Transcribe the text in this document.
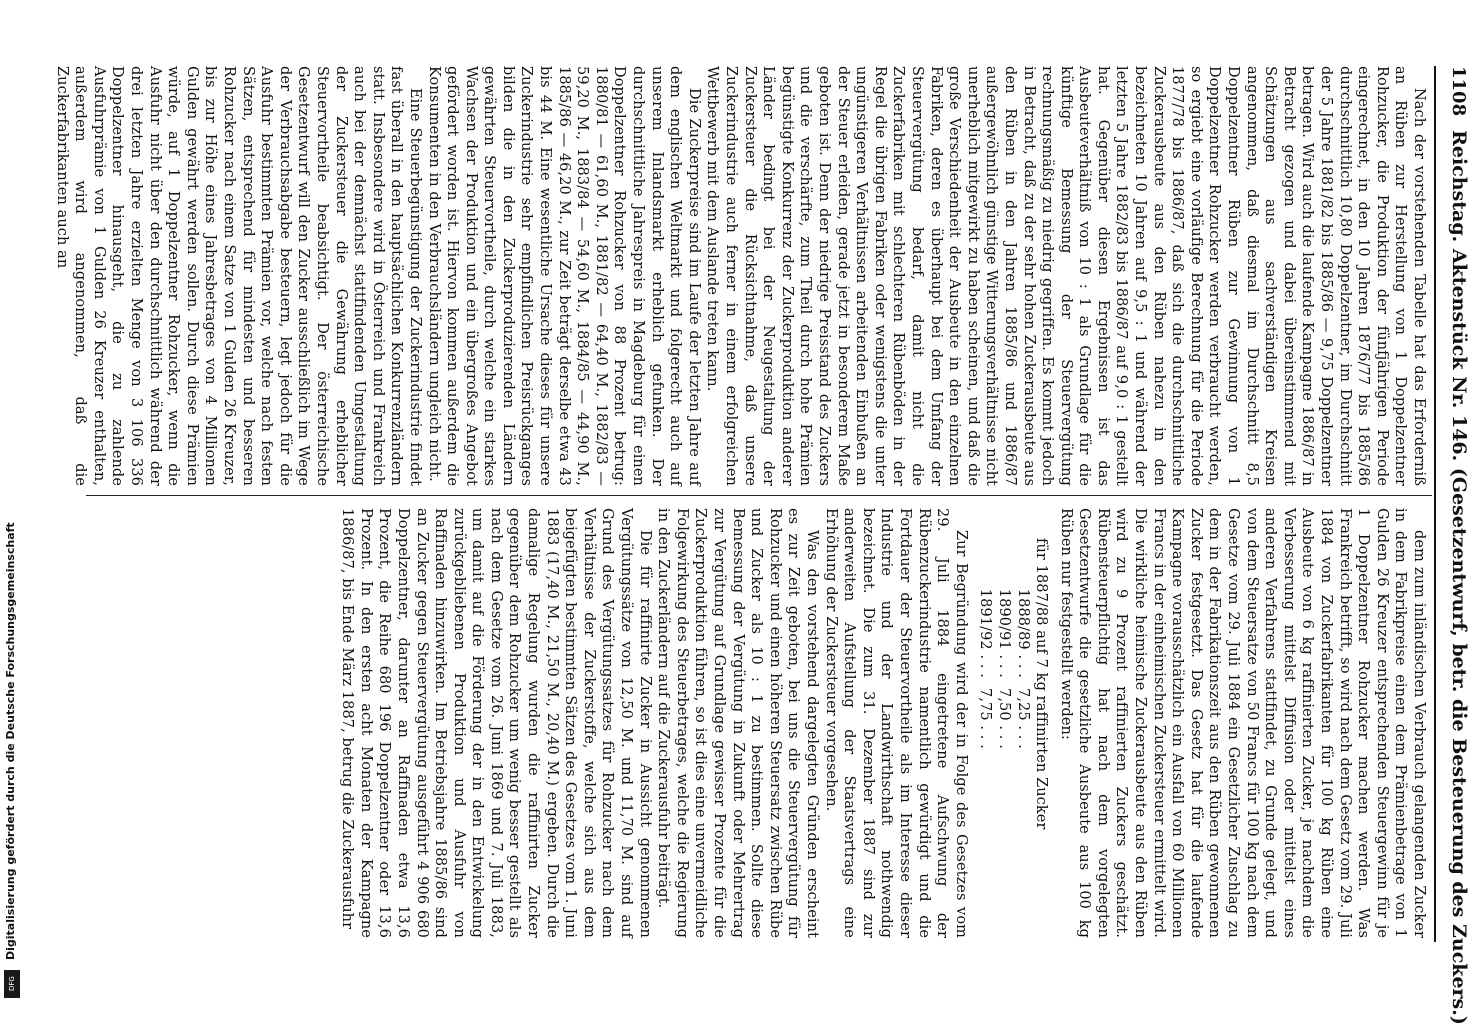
1108
Reichstag. Aktenstück Nr. 146. (Gesetzentwurf, betr. die Besteuerung des Zuckers.)

Nach der vorstehenden Tabelle hat das Erforderniß an Rüben zur Herstellung von 1 Doppelzentner Rohzucker, die Produktion der fünfjährigen Periode eingerechnet, in den 10 Jahren 1876/77 bis 1885/86 durchschnittlich 10,80 Doppelzentner, im Durchschnitt der 5 Jahre 1881/82 bis 1885/86 — 9,75 Doppelzentner betragen. Wird auch die laufende Kampagne 1886/87 in Betracht gezogen und dabei übereinstimmend mit Schätzungen aus sachverständigen Kreisen angenommen, daß diesmal im Durchschnitt 8,5 Doppelzentner Rüben zur Gewinnung von 1 Doppelzentner Rohzucker werden verbraucht werden, so ergiebt eine vorläufige Berechnung für die Periode 1877/78 bis 1886/87, daß sich die durchschnittliche Zuckerausbeute aus den Rüben nahezu in den bezeichneten 10 Jahren auf 9,5 : 1 und während der letzten 5 Jahre 1882/83 bis 1886/87 auf 9,0 : 1 gestellt hat. Gegenüber diesen Ergebnissen ist das Ausbeuteverhältniß von 10 : 1 als Grundlage für die künftige Bemessung der Steuervergütung rechnungsmäßig zu niedrig gegriffen. Es kommt jedoch in Betracht, daß zu der sehr hohen Zuckerausbeute aus den Rüben in den Jahren 1885/86 und 1886/87 außergewöhnlich günstige Witterungsverhältnisse nicht unerheblich mitgewirkt zu haben scheinen, und daß die große Verschiedenheit der Ausbeute in den einzelnen Fabriken, deren es überhaupt bei dem Umfang der Steuervergütung bedarf, damit nicht die Zuckerfabriken mit schlechteren Rübenböden in der Regel die übrigen Fabriken oder wenigstens die unter ungünstigeren Verhältnissen arbeitenden Einbußen an der Steuer erleiden, gerade jetzt in besonderem Maße geboten ist. Denn der niedrige Preisstand des Zuckers und die verschärfte, zum Theil durch hohe Prämien begünstigte Konkurrenz der Zuckerproduktion anderer Länder bedingt bei der Neugestaltung der Zuckersteuer die Rücksichtnahme, daß unsere Zuckerindustrie auch ferner in einem erfolgreichen Wettbewerb mit dem Auslande treten kann.

Die Zuckerpreise sind im Laufe der letzten Jahre auf dem englischen Weltmarkt und folgerecht auch auf unserem Inlandsmarkt erheblich gefunken. Der durchschnittliche Jahrespreis in Magdeburg für einen Doppelzentner Rohzucker von 88 Prozent betrug: 1880/81 — 61,60 M., 1881/82 — 64,40 M., 1882/83 — 59,20 M., 1883/84 — 54,60 M., 1884/85 — 44,90 M., 1885/86 — 46,20 M., zur Zeit beträgt derselbe etwa 43 bis 44 M. Eine wesentliche Ursache dieses für unsere Zuckerindustrie sehr empfindlichen Preisrückganges bilden die in den Zuckerproduzierenden Ländern gewährten Steuervortheile, durch welche ein starkes Wachsen der Produktion und ein übergroßes Angebot gefördert worden ist. Hiervon kommen außerdem die Konsumenten in den Verbrauchsländern ungleich nicht.

Eine Steuerbegünstigung der Zuckerindustrie findet fast überall in den hauptsächlichen Konkurrenzländern statt. Insbesondere wird in Österreich und Frankreich auch bei der demnächst stattfindenden Umgestaltung der Zuckersteuer die Gewährung erheblicher Steuervortheile beabsichtigt. Der österreichische Gesetzentwurf will den Zucker ausschließlich im Wege der Verbrauchsabgabe besteuern, legt jedoch für die Ausfuhr bestimmten Prämien vor, welche nach festen Sätzen, entsprechend für mindesten und besseren Rohzucker nach einem Satze von 1 Gulden 26 Kreuzer, bis zur Höhe eines Jahresbetrages von 4 Millionen Gulden gewährt werden sollen. Durch diese Prämien würde, auf 1 Doppelzentner Rohzucker, wenn die Ausfuhr nicht über den durchschnittlich während der drei letzten Jahre erzielten Menge von 3 106 336 Doppelzentner hinausgeht, die zu zahlende Ausfuhrprämie von 1 Gulden 26 Kreuzer enthalten, außerdem wird angenommen, daß die Zuckerfabrikanten auch an

dem zum inländischen Verbrauch gelangenden Zucker in dem Fabrikpreise einen dem Prämienbetrage von 1 Gulden 26 Kreuzer entsprechenden Steuergewinn für je 1 Doppelzentner Rohzucker machen werden. Was Frankreich betrifft, so wird nach dem Gesetz vom 29. Juli 1884 von Zuckerfabrikanten für 100 kg Rüben eine Ausbeute von 6 kg raffinierten Zucker, je nachdem die Verbesserung mittelst Diffusion oder mittelst eines anderen Verfahrens stattfindet, zu Grunde gelegt, und von dem Steuersatze von 50 Francs für 100 kg nach dem Gesetze vom 29. Juli 1884 ein Gesetzlicher Zuschlag zu dem in der Fabrikationszeit aus den Rüben gewonnenen Zucker festgesetzt. Das Gesetz hat für die laufende Kampagne vorausschätzlich ein Ausfall von 60 Millionen Francs in der einheimischen Zuckersteuer ermittelt wird. Die wirkliche heimische Zuckerausbeute aus den Rüben wird zu 9 Prozent raffinierten Zuckers geschätzt. Rübensteuerpflichtig hat nach dem vorgelegten Gesetzentwurfe die gesetzliche Ausbeute aus 100 kg Rüben nur festgestellt werden:

für 1887/88 auf 7 kg raffinirten Zucker
1888/89 . . .
7,25 . . .
1890/91 . . .
7,50 . . .
1891/92 . . .
7,75 . . .

Zur Begründung wird der in Folge des Gesetzes vom 29. Juli 1884 eingetretene Aufschwung der Rübenzuckerindustrie namentlich gewürdigt und die Fortdauer der Steuervortheile als im Interesse dieser Industrie und der Landwirthschaft nothwendig bezeichnet. Die zum 31. Dezember 1887 sind zur anderweiten Aufstellung der Staatsvertrags eine Erhöhung der Zuckersteuer vorgesehen.

Was den vorstehend dargelegten Gründen erscheint es zur Zeit geboten, bei uns die Steuervergütung für Rohzucker und einen höheren Steuersatz zwischen Rübe und Zucker als 10 : 1 zu bestimmen. Sollte diese Bemessung der Vergütung in Zukunft oder Mehrertrag zur Vergütung auf Grundlage gewisser Prozente für die Zuckerproduktion führen, so ist dies eine unvermeidliche Folgewirkung des Steuerbetrages, welche die Regierung in den Zuckerländern auf die Zuckerausfuhr beiträgt.

Die für raffinirte Zucker in Aussicht genommenen Vergütungssätze von 12,50 M. und 11,70 M. sind auf Grund des Vergütungssatzes für Rohzucker nach dem Verhältnisse der Zuckerstoffe, welche sich aus dem beigefügten bestimmten Sätzen des Gesetzes vom 1. Juni 1883 (17,40 M., 21,50 M., 20,40 M.) ergeben. Durch die damalige Regelung wurden die raffinirten Zucker gegenüber dem Rohzucker um wenig besser gestellt als nach dem Gesetze vom 26. Juni 1869 und 7. Juli 1883, um damit auf die Förderung der in den Entwickelung zurückgebliebenen Produktion und Ausfuhr von Raffinaden hinzuwirken. Im Betriebsjahre 1885/86 sind an Zucker gegen Steuervergütung ausgeführt 4 906 680 Doppelzentner, darunter an Raffinaden etwa 13,6 Prozent, die Reihe 680 196 Doppelzentner oder 13,6 Prozent. In den ersten acht Monaten der Kampagne 1886/87, bis Ende März 1887, betrug die Zuckerausfuhr

Digitalisierung gefördert durch die Deutsche Forschungsgemeinschaft
DFG
